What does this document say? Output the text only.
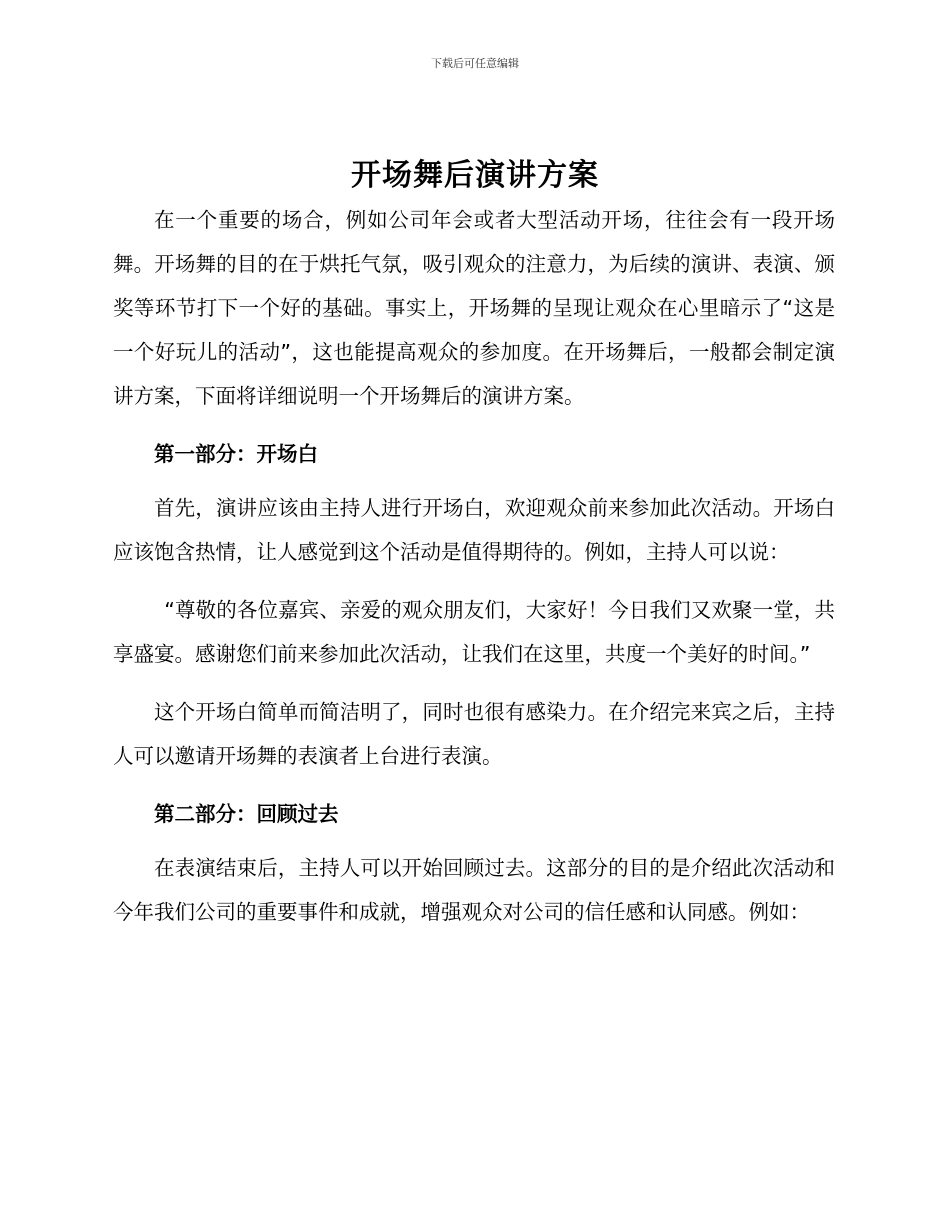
下载后可任意编辑
开场舞后演讲方案

在一个重要的场合，例如公司年会或者大型活动开场，往往会有一段开场舞。开场舞的目的在于烘托气氛，吸引观众的注意力，为后续的演讲、表演、颁奖等环节打下一个好的基础。事实上，开场舞的呈现让观众在心里暗示了“这是一个好玩儿的活动”，这也能提高观众的参加度。在开场舞后，一般都会制定演讲方案，下面将详细说明一个开场舞后的演讲方案。

第一部分：开场白

首先，演讲应该由主持人进行开场白，欢迎观众前来参加此次活动。开场白应该饱含热情，让人感觉到这个活动是值得期待的。例如，主持人可以说：

“尊敬的各位嘉宾、亲爱的观众朋友们，大家好！今日我们又欢聚一堂，共享盛宴。感谢您们前来参加此次活动，让我们在这里，共度一个美好的时间。”

这个开场白简单而简洁明了，同时也很有感染力。在介绍完来宾之后，主持人可以邀请开场舞的表演者上台进行表演。

第二部分：回顾过去

在表演结束后，主持人可以开始回顾过去。这部分的目的是介绍此次活动和今年我们公司的重要事件和成就，增强观众对公司的信任感和认同感。例如：
